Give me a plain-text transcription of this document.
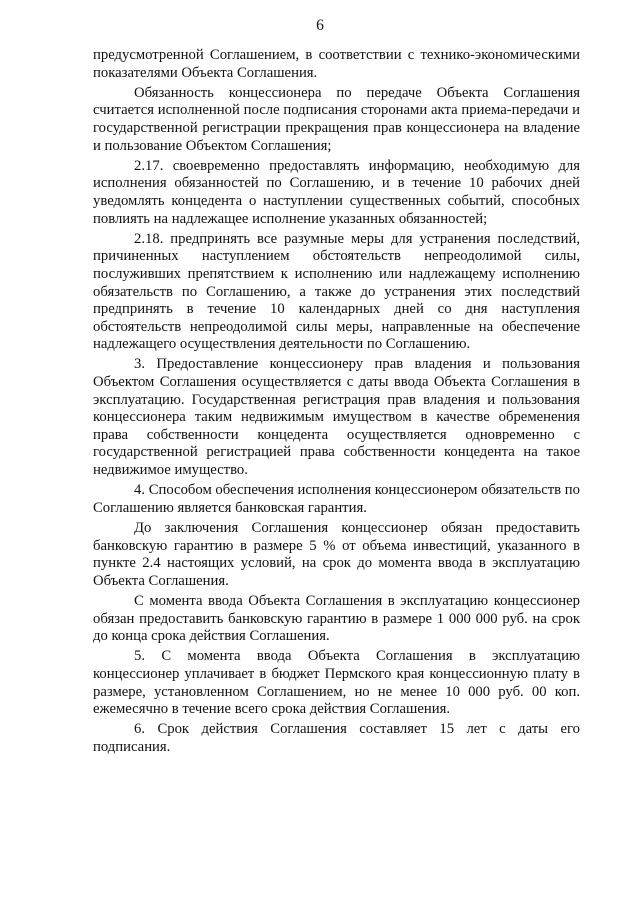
6

предусмотренной Соглашением, в соответствии с технико-экономическими показателями Объекта Соглашения.

Обязанность концессионера по передаче Объекта Соглашения считается исполненной после подписания сторонами акта приема-передачи и государственной регистрации прекращения прав концессионера на владение и пользование Объектом Соглашения;

2.17. своевременно предоставлять информацию, необходимую для исполнения обязанностей по Соглашению, и в течение 10 рабочих дней уведомлять концедента о наступлении существенных событий, способных повлиять на надлежащее исполнение указанных обязанностей;

2.18. предпринять все разумные меры для устранения последствий, причиненных наступлением обстоятельств непреодолимой силы, послуживших препятствием к исполнению или надлежащему исполнению обязательств по Соглашению, а также до устранения этих последствий предпринять в течение 10 календарных дней со дня наступления обстоятельств непреодолимой силы меры, направленные на обеспечение надлежащего осуществления деятельности по Соглашению.

3. Предоставление концессионеру прав владения и пользования Объектом Соглашения осуществляется с даты ввода Объекта Соглашения в эксплуатацию. Государственная регистрация прав владения и пользования концессионера таким недвижимым имуществом в качестве обременения права собственности концедента осуществляется одновременно с государственной регистрацией права собственности концедента на такое недвижимое имущество.

4. Способом обеспечения исполнения концессионером обязательств по Соглашению является банковская гарантия.

До заключения Соглашения концессионер обязан предоставить банковскую гарантию в размере 5 % от объема инвестиций, указанного в пункте 2.4 настоящих условий, на срок до момента ввода в эксплуатацию Объекта Соглашения.

С момента ввода Объекта Соглашения в эксплуатацию концессионер обязан предоставить банковскую гарантию в размере 1 000 000 руб. на срок до конца срока действия Соглашения.

5. С момента ввода Объекта Соглашения в эксплуатацию концессионер уплачивает в бюджет Пермского края концессионную плату в размере, установленном Соглашением, но не менее 10 000 руб. 00 коп. ежемесячно в течение всего срока действия Соглашения.

6. Срок действия Соглашения составляет 15 лет с даты его подписания.
